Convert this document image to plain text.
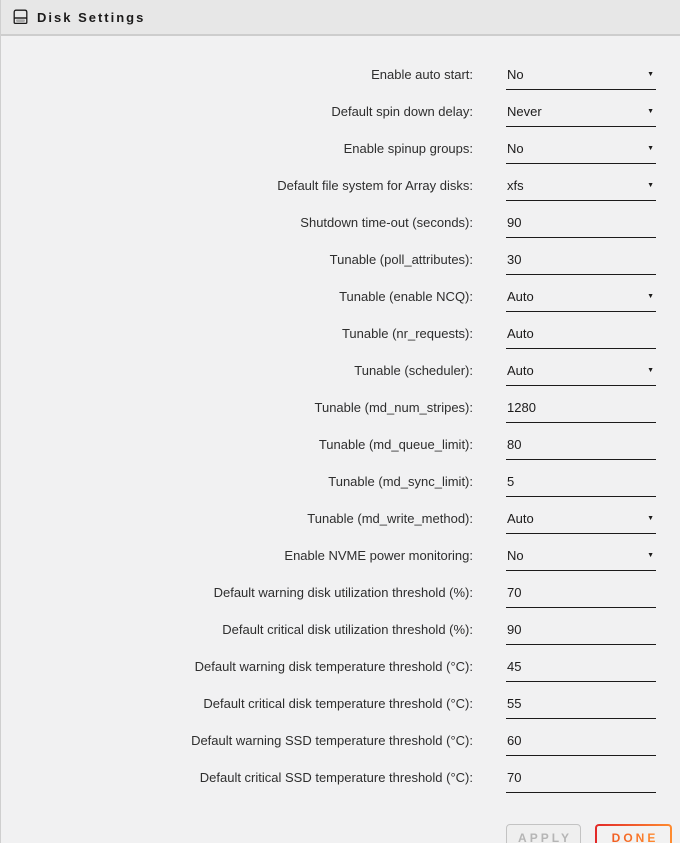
Disk Settings
Enable auto start:
No	▼
Default spin down delay:
Never	▼
Enable spinup groups:
No	▼
Default file system for Array disks:
xfs	▼
Shutdown time-out (seconds):
90
Tunable (poll_attributes):
30
Tunable (enable NCQ):
Auto	▼
Tunable (nr_requests):
Auto
Tunable (scheduler):
Auto	▼
Tunable (md_num_stripes):
1280
Tunable (md_queue_limit):
80
Tunable (md_sync_limit):
5
Tunable (md_write_method):
Auto	▼
Enable NVME power monitoring:
No	▼
Default warning disk utilization threshold (%):
70
Default critical disk utilization threshold (%):
90
Default warning disk temperature threshold (°C):
45
Default critical disk temperature threshold (°C):
55
Default warning SSD temperature threshold (°C):
60
Default critical SSD temperature threshold (°C):
70
APPLY	DONE
